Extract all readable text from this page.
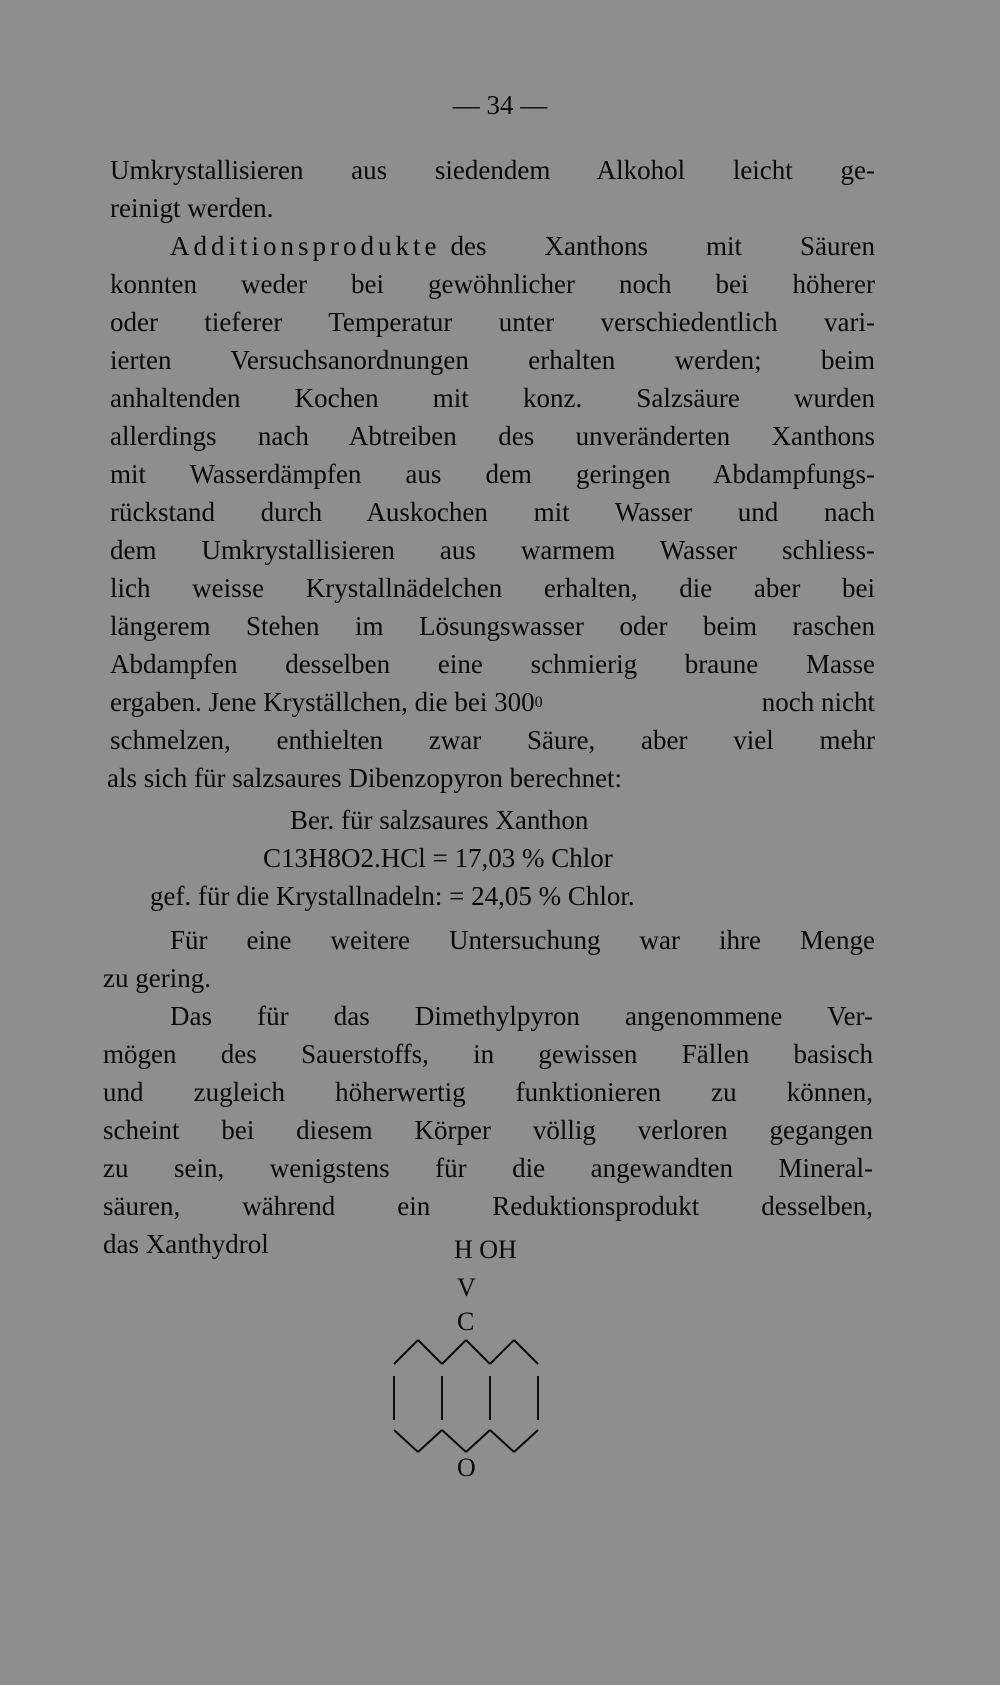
— 34 —

Umkrystallisieren aus siedendem Alkohol leicht ge-

reinigt werden.

Additionsprodukte des Xanthons mit Säuren

konnten weder bei gewöhnlicher noch bei höherer

oder tieferer Temperatur unter verschiedentlich vari-

ierten Versuchsanordnungen erhalten werden; beim

anhaltenden Kochen mit konz. Salzsäure wurden

allerdings nach Abtreiben des unveränderten Xanthons

mit Wasserdämpfen aus dem geringen Abdampfungs-

rückstand durch Auskochen mit Wasser und nach

dem Umkrystallisieren aus warmem Wasser schliess-

lich weisse Krystallnädelchen erhalten, die aber bei

längerem Stehen im Lösungswasser oder beim raschen

Abdampfen desselben eine schmierig braune Masse

ergaben. Jene Kryställchen, die bei 300 0	noch nicht

schmelzen, enthielten zwar Säure, aber viel mehr

als sich für salzsaures Dibenzopyron berechnet:

Ber. für salzsaures Xanthon
C13H8O2.HCl = 17,03 % Chlor
gef. für die Krystallnadeln: = 24,05 % Chlor.

Für eine weitere Untersuchung war ihre Menge

zu gering.

Das für das Dimethylpyron angenommene Ver-

mögen des Sauerstoffs, in gewissen Fällen basisch

und zugleich höherwertig funktionieren zu können,

scheint bei diesem Körper völlig verloren gegangen

zu sein, wenigstens für die angewandten Mineral-

säuren, während ein Reduktionsprodukt desselben,

das Xanthydrol	H OH
V
C
O
